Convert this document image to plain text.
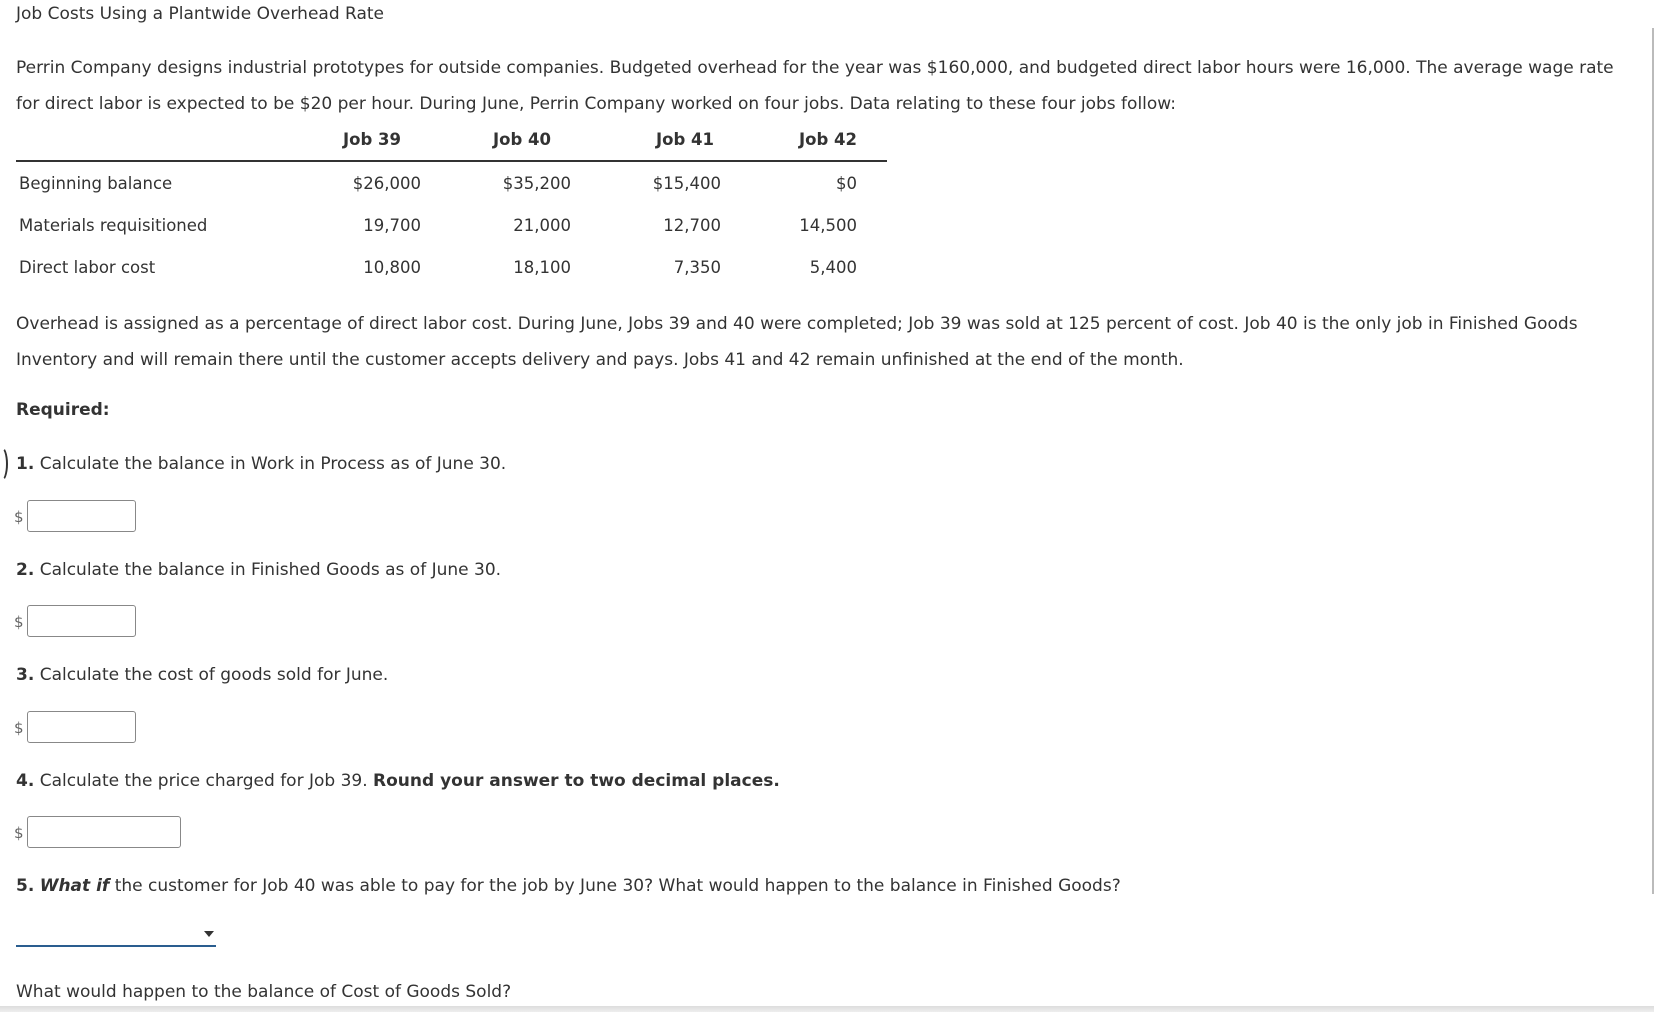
Job Costs Using a Plantwide Overhead Rate
Perrin Company designs industrial prototypes for outside companies. Budgeted overhead for the year was $160,000, and budgeted direct labor hours were 16,000. The average wage rate for direct labor is expected to be $20 per hour. During June, Perrin Company worked on four jobs. Data relating to these four jobs follow:
	Job 39	Job 40	Job 41	Job 42
Beginning balance	$26,000	$35,200	$15,400	$0
Materials requisitioned	19,700	21,000	12,700	14,500
Direct labor cost	10,800	18,100	7,350	5,400
Overhead is assigned as a percentage of direct labor cost. During June, Jobs 39 and 40 were completed; Job 39 was sold at 125 percent of cost. Job 40 is the only job in Finished Goods Inventory and will remain there until the customer accepts delivery and pays. Jobs 41 and 42 remain unfinished at the end of the month.
Required:
1. Calculate the balance in Work in Process as of June 30.
$
2. Calculate the balance in Finished Goods as of June 30.
$
3. Calculate the cost of goods sold for June.
$
4. Calculate the price charged for Job 39. Round your answer to two decimal places.
$
5. What if the customer for Job 40 was able to pay for the job by June 30? What would happen to the balance in Finished Goods?
What would happen to the balance of Cost of Goods Sold?
